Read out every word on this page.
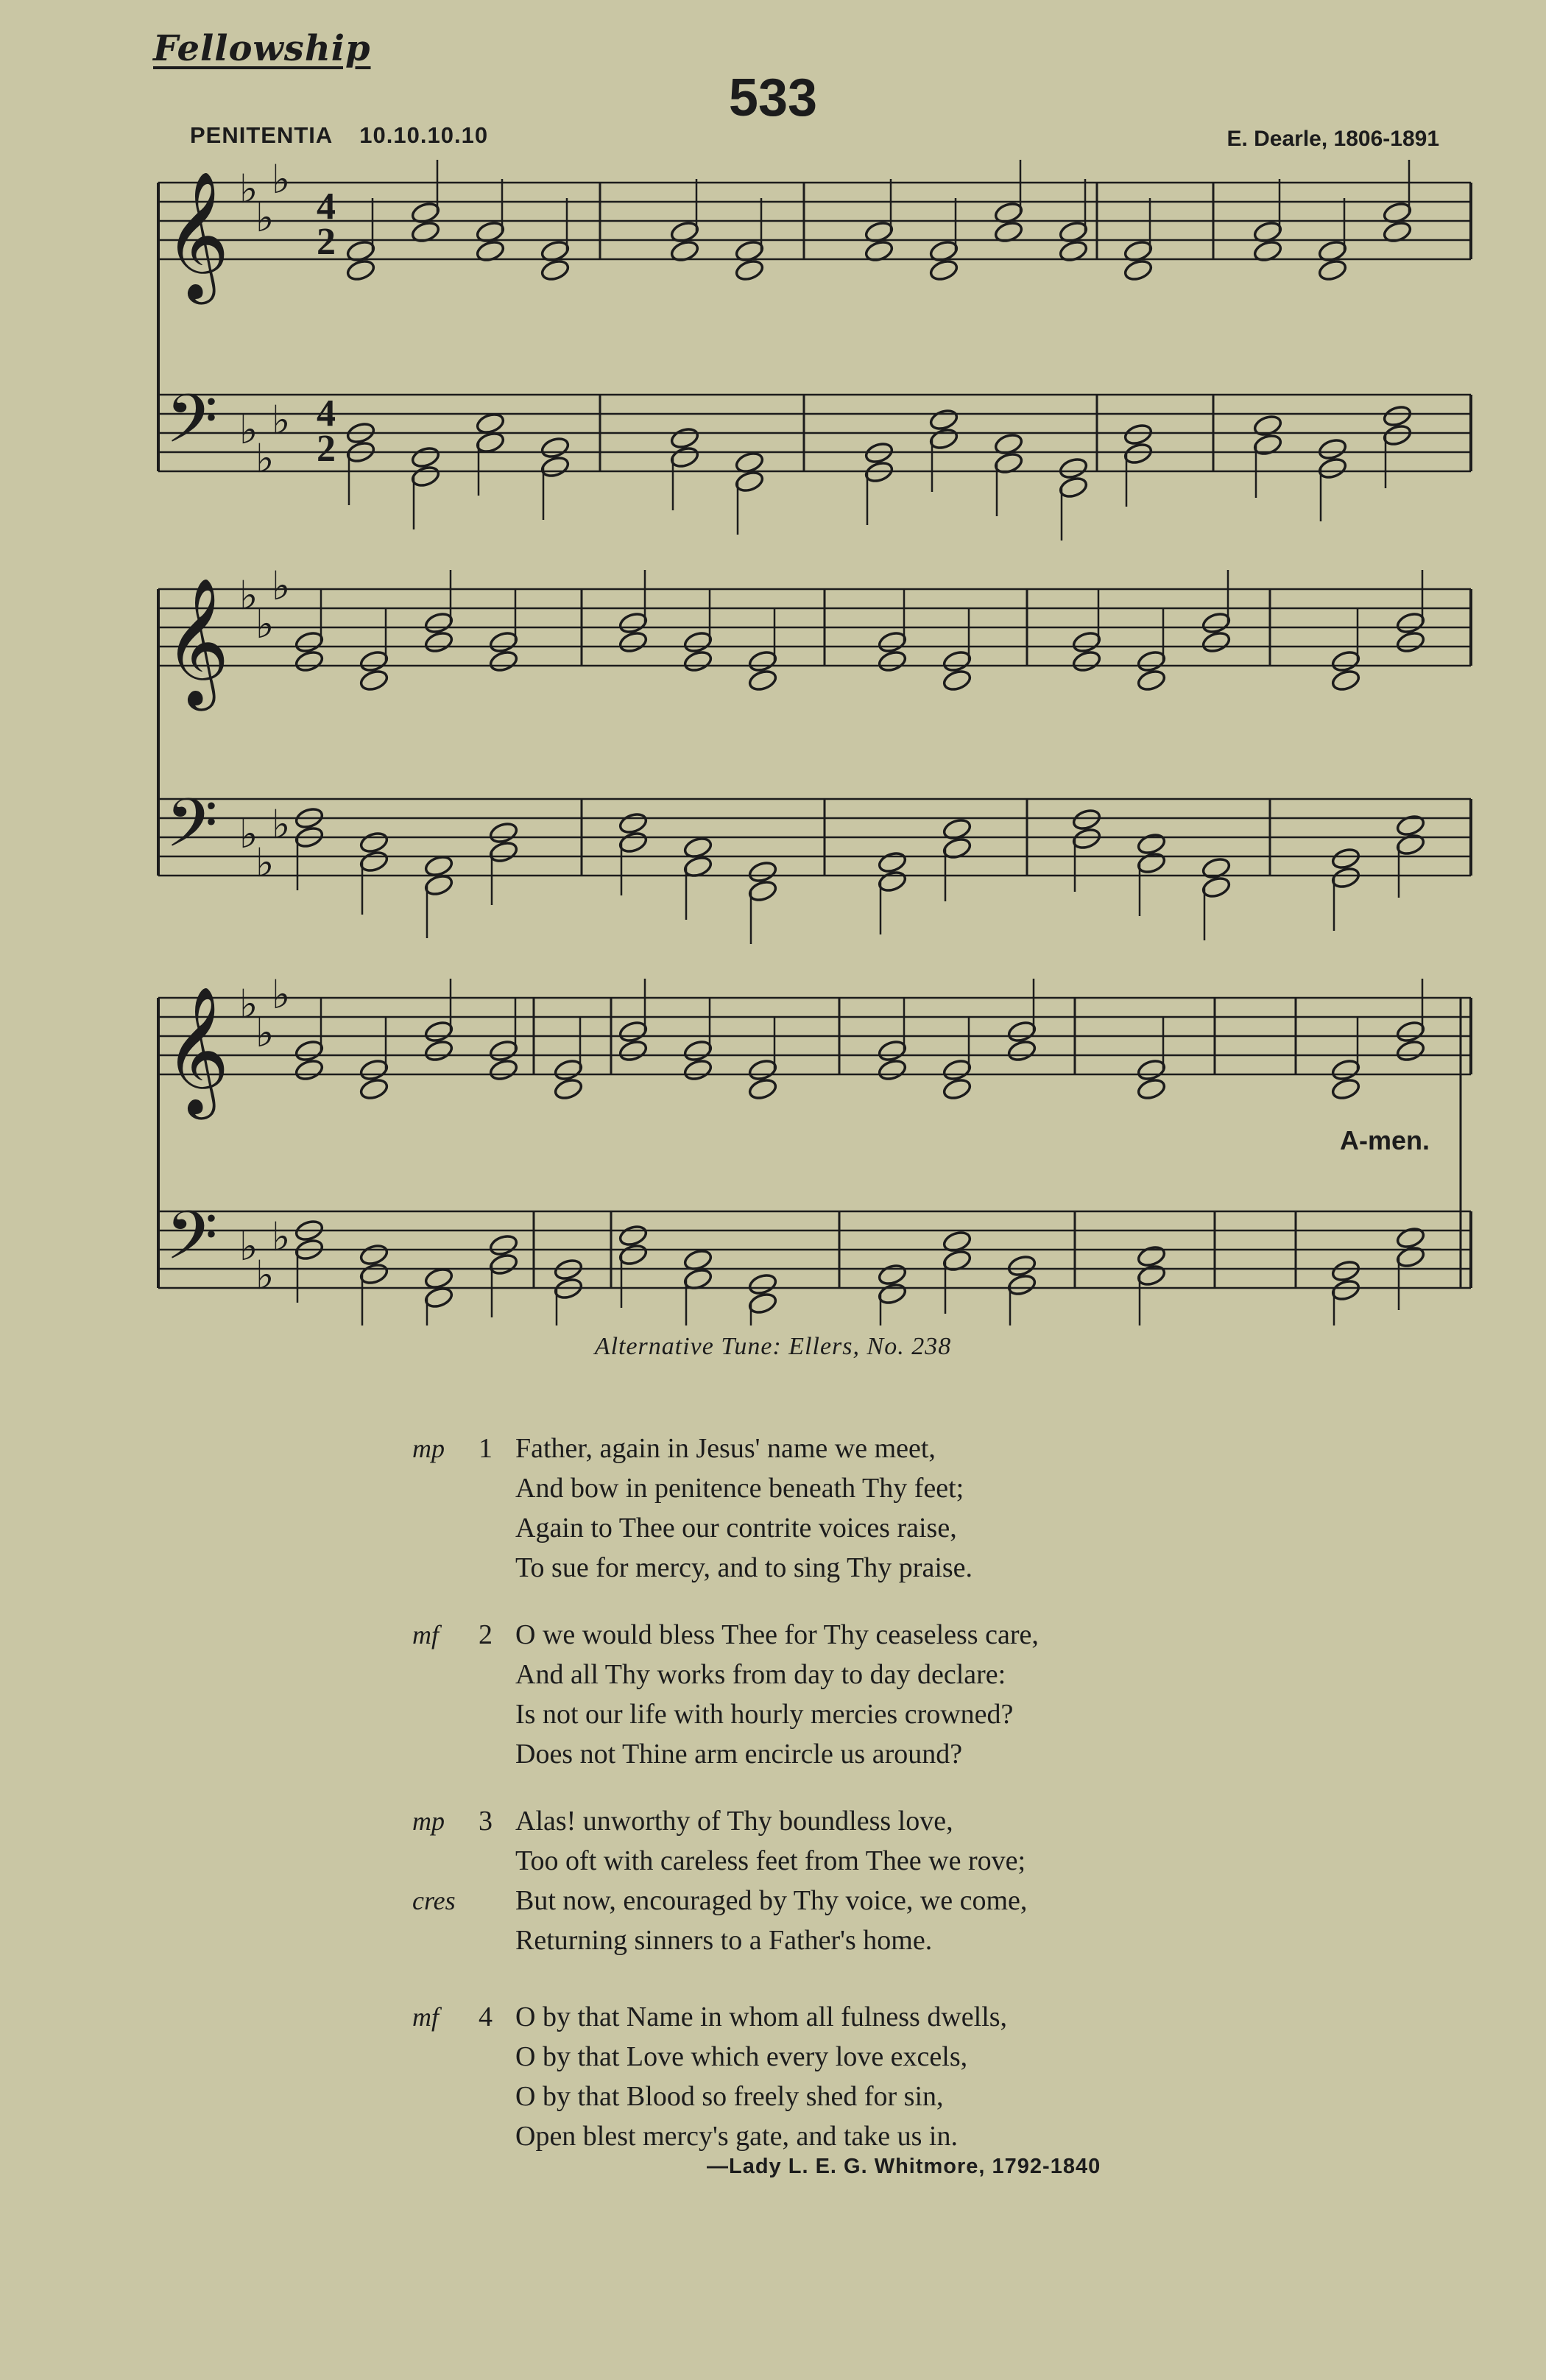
Fellowship
533
PENITENTIA 10.10.10.10	E. Dearle, 1806-1891
𝄞 ♭
♭
♭
𝄢 ♭
♭
♭
𝄞 ♭
♭
♭
𝄢 ♭
♭
♭
𝄞 ♭
♭
♭
𝄢 ♭
♭
♭
4
2
4
2
A-men.
Alternative Tune: Ellers, No. 238
mp	1 Father, again in Jesus' name we meet,
And bow in penitence beneath Thy feet;
Again to Thee our contrite voices raise,
To sue for mercy, and to sing Thy praise.
mf	2 O we would bless Thee for Thy ceaseless care,
And all Thy works from day to day declare:
Is not our life with hourly mercies crowned?
Does not Thine arm encircle us around?
mp	3 Alas! unworthy of Thy boundless love,
Too oft with careless feet from Thee we rove;
cres	But now, encouraged by Thy voice, we come,
Returning sinners to a Father's home.
mf	4 O by that Name in whom all fulness dwells,
O by that Love which every love excels,
O by that Blood so freely shed for sin,
Open blest mercy's gate, and take us in.
—Lady L. E. G. Whitmore, 1792-1840
